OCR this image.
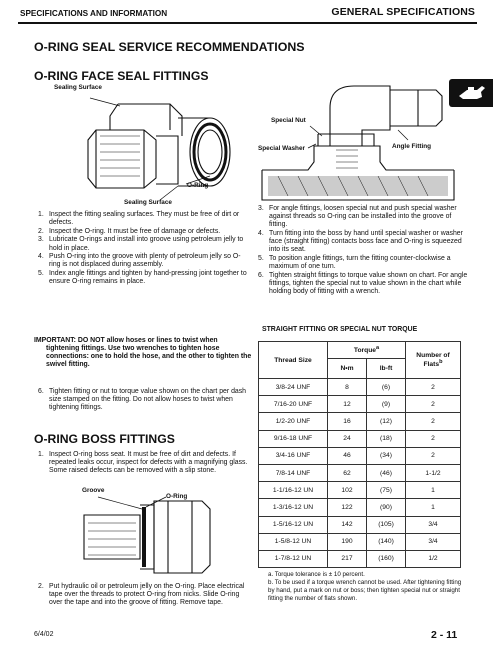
SPECIFICATIONS AND INFORMATION	GENERAL SPECIFICATIONS
O-RING SEAL SERVICE RECOMMENDATIONS
O-RING FACE SEAL FITTINGS
Sealing Surface
O-Ring
Sealing Surface
1. Inspect the fitting sealing surfaces. They must be free of dirt or defects.
2. Inspect the O-ring. It must be free of damage or defects.
3. Lubricate O-rings and install into groove using petroleum jelly to hold in place.
4. Push O-ring into the groove with plenty of petroleum jelly so O-ring is not displaced during assembly.
5. Index angle fittings and tighten by hand-pressing joint together to ensure O-ring remains in place.
IMPORTANT: DO NOT allow hoses or lines to twist when tightening fittings. Use two wrenches to tighten hose connections: one to hold the hose, and the other to tighten the swivel fitting.
6. Tighten fitting or nut to torque value shown on the chart per dash size stamped on the fitting. Do not allow hoses to twist when tightening fittings.
O-RING BOSS FITTINGS
1. Inspect O-ring boss seat. It must be free of dirt and defects. If repeated leaks occur, inspect for defects with a magnifying glass. Some raised defects can be removed with a slip stone.
Groove
O-Ring
2. Put hydraulic oil or petroleum jelly on the O-ring. Place electrical tape over the threads to protect O-ring from nicks. Slide O-ring over the tape and into the groove of fitting. Remove tape.
Special Nut
Special Washer	Angle Fitting
3. For angle fittings, loosen special nut and push special washer against threads so O-ring can be installed into the groove of fitting.
4. Turn fitting into the boss by hand until special washer or washer face (straight fitting) contacts boss face and O-ring is squeezed into its seat.
5. To position angle fittings, turn the fitting counter-clockwise a maximum of one turn.
6. Tighten straight fittings to torque value shown on chart. For angle fittings, tighten the special nut to value shown in the chart while holding body of fitting with a wrench.
STRAIGHT FITTING OR SPECIAL NUT TORQUE
Thread Size	Torque$^a$		Number of Flats$^b$
	N•m	lb-ft	
3/8-24 UNF	8	(6)	2
7/16-20 UNF	12	(9)	2
1/2-20 UNF	16	(12)	2
9/16-18 UNF	24	(18)	2
3/4-16 UNF	46	(34)	2
7/8-14 UNF	62	(46)	1-1/2
1-1/16-12 UN	102	(75)	1
1-3/16-12 UN	122	(90)	1
1-5/16-12 UN	142	(105)	3/4
1-5/8-12 UN	190	(140)	3/4
1-7/8-12 UN	217	(160)	1/2
a. Torque tolerance is ± 10 percent.
b. To be used if a torque wrench cannot be used. After tightening fitting by hand, put a mark on nut or boss; then tighten special nut or straight fitting the number of flats shown.
6/4/02	2 - 11
